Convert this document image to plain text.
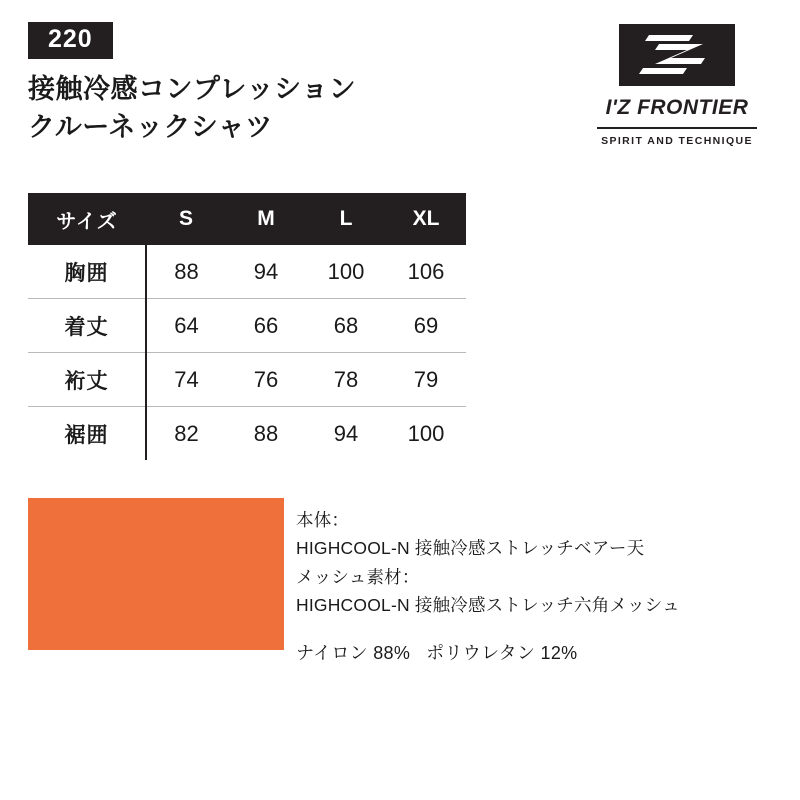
220
接触冷感コンプレッション
クルーネックシャツ
I'Z FRONTIER
SPIRIT AND TECHNIQUE
サイズ	S	M	L	XL
胸囲	88	94	100	106
着丈	64	66	68	69
裄丈	74	76	78	79
裾囲	82	88	94	100
本体：
HIGHCOOL-N 接触冷感ストレッチベアー天
メッシュ素材：
HIGHCOOL-N 接触冷感ストレッチ六角メッシュ
ナイロン 88% ポリウレタン 12%
